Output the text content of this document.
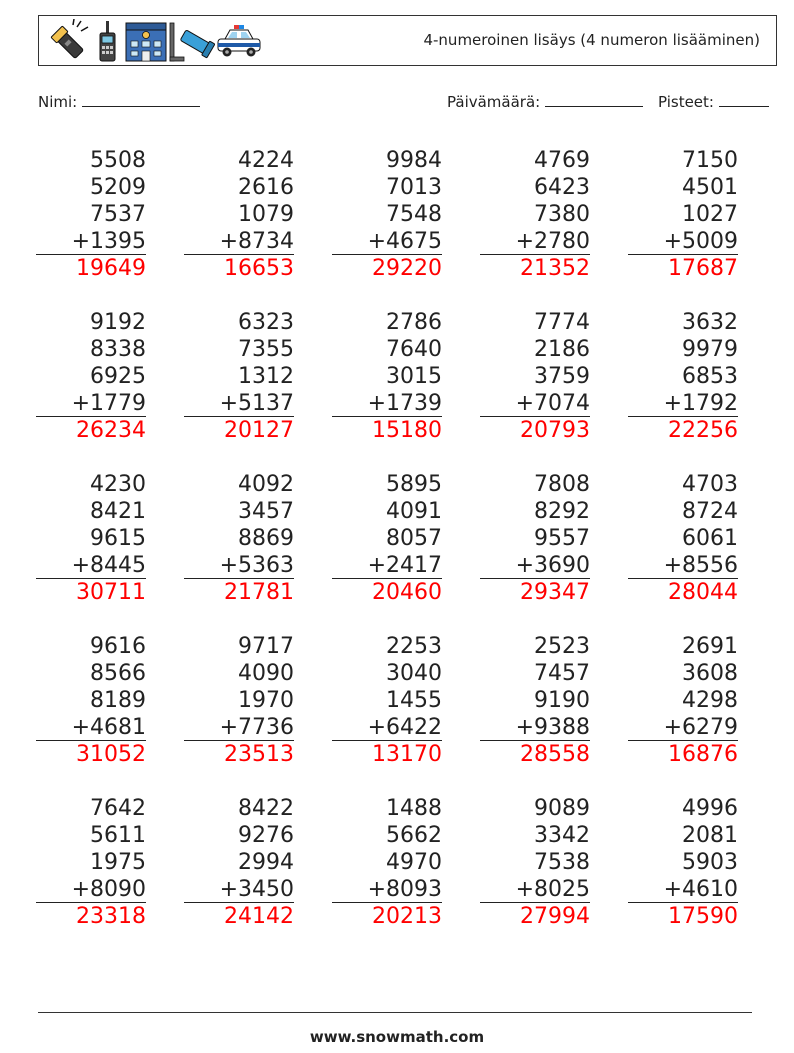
4-numeroinen lisäys (4 numeron lisääminen)
Nimi:	Päivämäärä:	Pisteet:
5508
5209
7537
+1395
19649
4224
2616
1079
+8734
16653
9984
7013
7548
+4675
29220
4769
6423
7380
+2780
21352
7150
4501
1027
+5009
17687
9192
8338
6925
+1779
26234
6323
7355
1312
+5137
20127
2786
7640
3015
+1739
15180
7774
2186
3759
+7074
20793
3632
9979
6853
+1792
22256
4230
8421
9615
+8445
30711
4092
3457
8869
+5363
21781
5895
4091
8057
+2417
20460
7808
8292
9557
+3690
29347
4703
8724
6061
+8556
28044
9616
8566
8189
+4681
31052
9717
4090
1970
+7736
23513
2253
3040
1455
+6422
13170
2523
7457
9190
+9388
28558
2691
3608
4298
+6279
16876
7642
5611
1975
+8090
23318
8422
9276
2994
+3450
24142
1488
5662
4970
+8093
20213
9089
3342
7538
+8025
27994
4996
2081
5903
+4610
17590
www.snowmath.com
